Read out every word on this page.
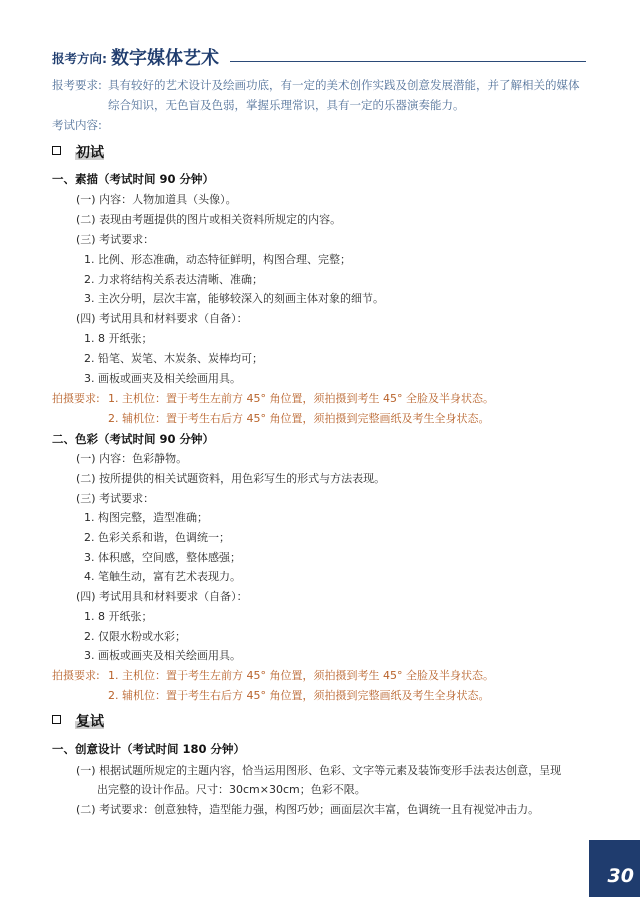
报考方向: 数字媒体艺术
报考要求: 具有较好的艺术设计及绘画功底，有一定的美术创作实践及创意发展潜能，并了解相关的媒体
综合知识，无色盲及色弱，掌握乐理常识，具有一定的乐器演奏能力。
考试内容:
初试
一、素描（考试时间 90 分钟）
(一) 内容：人物加道具（头像）。
(二) 表现由考题提供的图片或相关资料所规定的内容。
(三) 考试要求：
1. 比例、形态准确，动态特征鲜明，构图合理、完整；
2. 力求将结构关系表达清晰、准确；
3. 主次分明，层次丰富，能够较深入的刻画主体对象的细节。
(四) 考试用具和材料要求（自备）：
1. 8 开纸张；
2. 铅笔、炭笔、木炭条、炭棒均可；
3. 画板或画夹及相关绘画用具。
拍摄要求: 1. 主机位：置于考生左前方 45° 角位置，须拍摄到考生 45° 全脸及半身状态。
2. 辅机位：置于考生右后方 45° 角位置，须拍摄到完整画纸及考生全身状态。
二、色彩（考试时间 90 分钟）
(一) 内容：色彩静物。
(二) 按所提供的相关试题资料，用色彩写生的形式与方法表现。
(三) 考试要求：
1. 构图完整，造型准确；
2. 色彩关系和谐，色调统一；
3. 体积感，空间感，整体感强；
4. 笔触生动，富有艺术表现力。
(四) 考试用具和材料要求（自备）：
1. 8 开纸张；
2. 仅限水粉或水彩；
3. 画板或画夹及相关绘画用具。
拍摄要求: 1. 主机位：置于考生左前方 45° 角位置，须拍摄到考生 45° 全脸及半身状态。
2. 辅机位：置于考生右后方 45° 角位置，须拍摄到完整画纸及考生全身状态。
复试
一、创意设计（考试时间 180 分钟）
(一) 根据试题所规定的主题内容，恰当运用图形、色彩、文字等元素及装饰变形手法表达创意，呈现
出完整的设计作品。尺寸：30cm×30cm；色彩不限。
(二) 考试要求：创意独特，造型能力强，构图巧妙；画面层次丰富，色调统一且有视觉冲击力。
30
